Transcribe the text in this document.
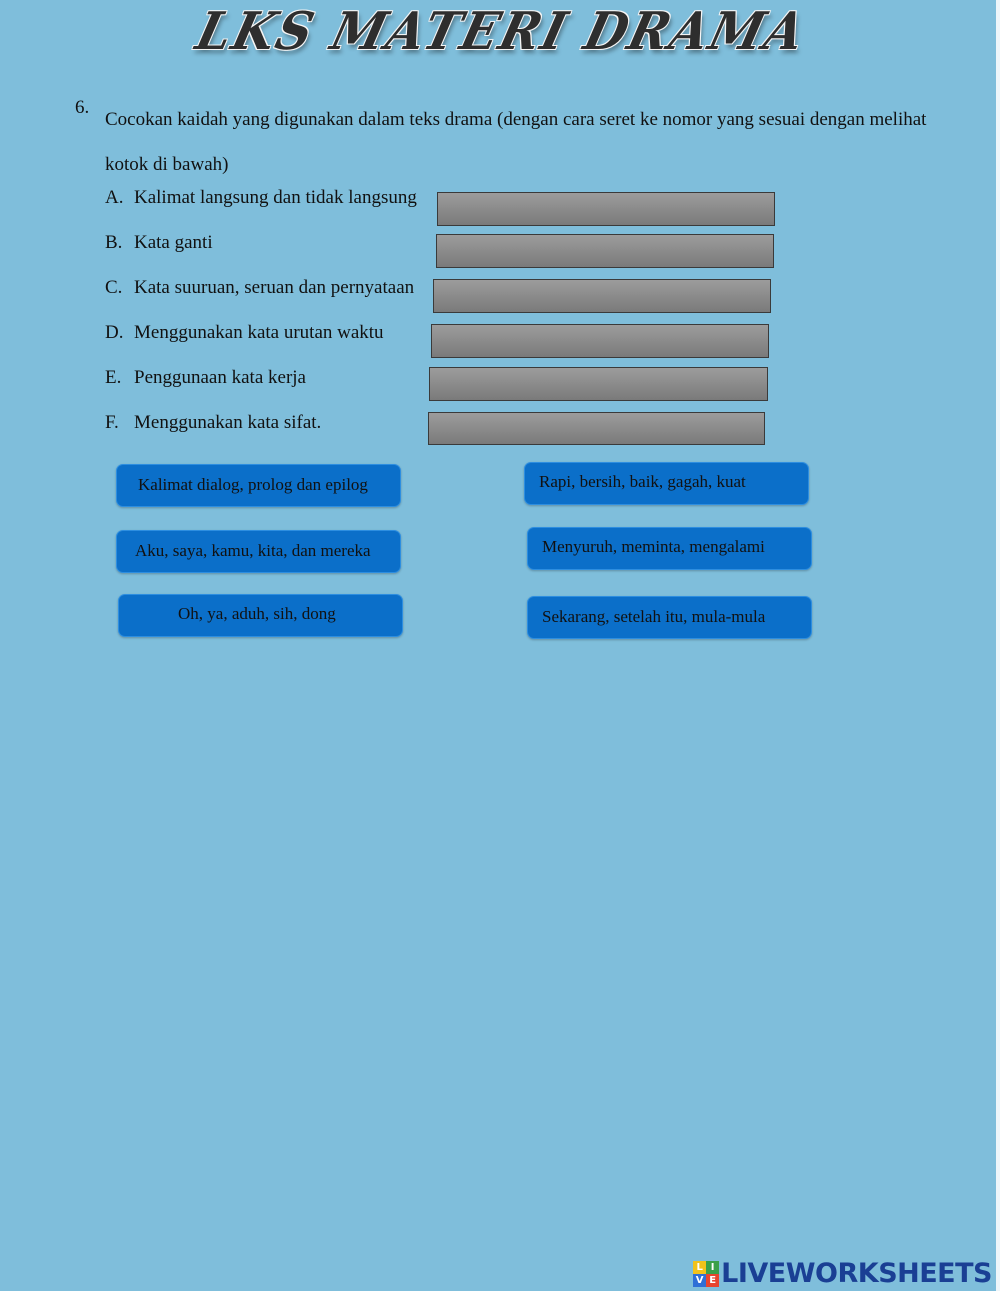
LKS MATERI DRAMA
6.
Cocokan kaidah yang digunakan dalam teks drama (dengan cara seret ke nomor yang sesuai dengan melihat kotok di bawah)
A. Kalimat langsung dan tidak langsung
B. Kata ganti
C. Kata suuruan, seruan dan pernyataan
D. Menggunakan kata urutan waktu
E. Penggunaan kata kerja
F. Menggunakan kata sifat.
Kalimat dialog, prolog dan epilog	Rapi, bersih, baik, gagah, kuat
Aku, saya, kamu, kita, dan mereka	Menyuruh, meminta, mengalami
Oh, ya, aduh, sih, dong	Sekarang, setelah itu, mula-mula
L I
V E LIVEWORKSHEETS
